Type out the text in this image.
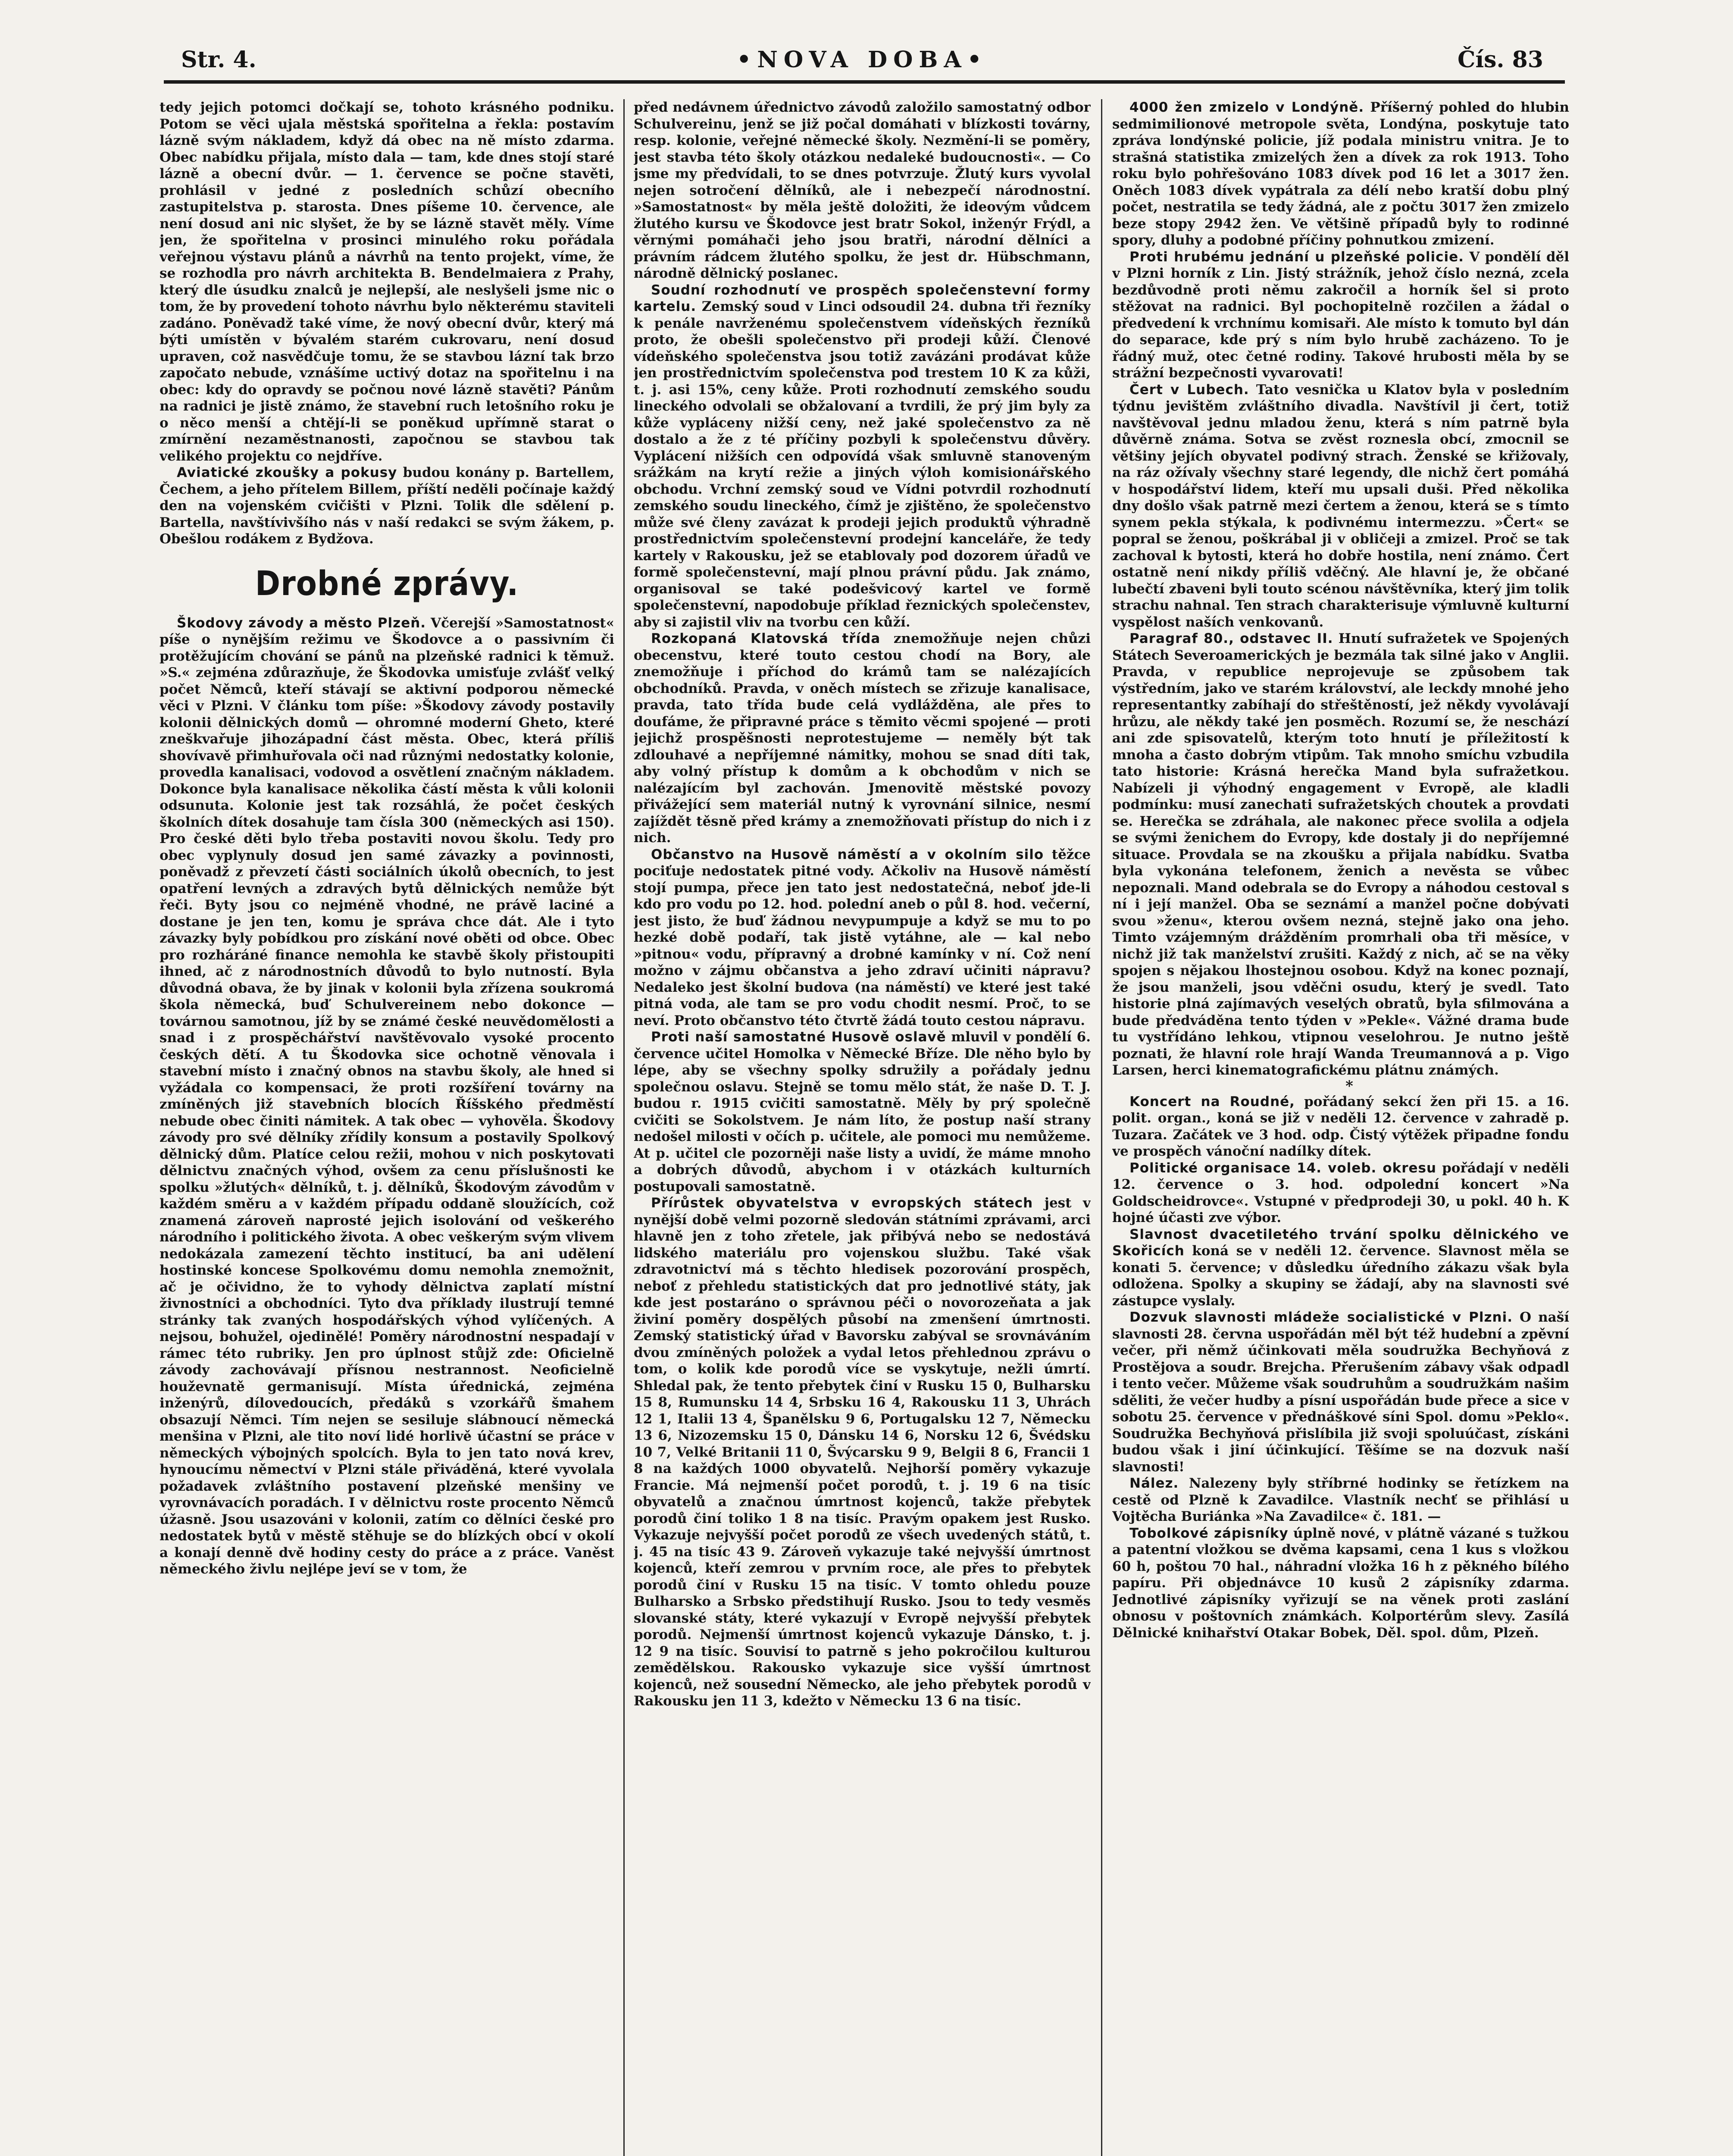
Str. 4.	•NOVA DOBA•	Čís. 83

tedy jejich potomci dočkají se, tohoto krásného podniku. Potom se věci ujala městská spořitelna a řekla: postavím lázně svým nákladem, když dá obec na ně místo zdarma. Obec nabídku přijala, místo dala — tam, kde dnes stojí staré lázně a obecní dvůr. — 1. července se počne stavěti, prohlásil v jedné z posledních schůzí obecního zastupitelstva p. starosta. Dnes píšeme 10. července, ale není dosud ani nic slyšet, že by se lázně stavět měly. Víme jen, že spořitelna v prosinci minulého roku pořádala veřejnou výstavu plánů a návrhů na tento projekt, víme, že se rozhodla pro návrh architekta B. Bendelmaiera z Prahy, který dle úsudku znalců je nejlepší, ale neslyšeli jsme nic o tom, že by provedení tohoto návrhu bylo některému staviteli zadáno. Poněvadž také víme, že nový obecní dvůr, který má býti umístěn v bývalém starém cukrovaru, není dosud upraven, což nasvědčuje tomu, že se stavbou lázní tak brzo započato nebude, vznášíme uctivý dotaz na spořitelnu i na obec: kdy do opravdy se počnou nové lázně stavěti? Pánům na radnici je jistě známo, že stavební ruch letošního roku je o něco menší a chtějí-li se poněkud upřímně starat o zmírnění nezaměstnanosti, započnou se stavbou tak velikého projektu co nejdříve.

Aviatické zkoušky a pokusy budou konány p. Bartellem, Čechem, a jeho přítelem Billem, příští neděli počínaje každý den na vojenském cvičišti v Plzni. Tolik dle sdělení p. Bartella, navštívivšího nás v naší redakci se svým žákem, p. Obešlou rodákem z Bydžova.

Drobné zprávy.

Škodovy závody a město Plzeň. Včerejší »Samostatnost« píše o nynějším režimu ve Škodovce a o passivním či protěžujícím chování se pánů na plzeňské radnici k těmuž. »S.« zejména zdůrazňuje, že Škodovka umisťuje zvlášť velký počet Němců, kteří stávají se aktivní podporou německé věci v Plzni. V článku tom píše: »Škodovy závody postavily kolonii dělnických domů — ohromné moderní Gheto, které zneškvařuje jihozápadní část města. Obec, která příliš shovívavě přimhuřovala oči nad různými nedostatky kolonie, provedla kanalisaci, vodovod a osvětlení značným nákladem. Dokonce byla kanalisace několika částí města k vůli kolonii odsunuta. Kolonie jest tak rozsáhlá, že počet českých školních dítek dosahuje tam čísla 300 (německých asi 150). Pro české děti bylo třeba postaviti novou školu. Tedy pro obec vyplynuly dosud jen samé závazky a povinnosti, poněvadž z převzetí části sociálních úkolů obecních, to jest opatření levných a zdravých bytů dělnických nemůže být řeči. Byty jsou co nejméně vhodné, ne právě laciné a dostane je jen ten, komu je správa chce dát. Ale i tyto závazky byly pobídkou pro získání nové oběti od obce. Obec pro rozháráné finance nemohla ke stavbě školy přistoupiti ihned, ač z národnostních důvodů to bylo nutností. Byla důvodná obava, že by jinak v kolonii byla zřízena soukromá škola německá, buď Schulvereinem nebo dokonce — továrnou samotnou, jíž by se známé české neuvědomělosti a snad i z prospěchářství navštěvovalo vysoké procento českých dětí. A tu Škodovka sice ochotně věnovala i stavební místo i značný obnos na stavbu školy, ale hned si vyžádala co kompensaci, že proti rozšíření továrny na zmíněných již stavebních blocích Říšského předměstí nebude obec činiti námitek. A tak obec — vyhověla. Škodovy závody pro své dělníky zřídily konsum a postavily Spolkový dělnický dům. Platíce celou režii, mohou v nich poskytovati dělnictvu značných výhod, ovšem za cenu příslušnosti ke spolku »žlutých« dělníků, t. j. dělníků, Škodovým závodům v každém směru a v každém případu oddaně sloužících, což znamená zároveň naprosté jejich isolování od veškerého národního i politického života. A obec veškerým svým vlivem nedokázala zamezení těchto institucí, ba ani udělení hostinské koncese Spolkovému domu nemohla znemožnit, ač je očividno, že to vyhody dělnictva zaplatí místní živnostníci a obchodníci. Tyto dva příklady ilustrují temné stránky tak zvaných hospodářských výhod vylíčených. A nejsou, bohužel, ojedinělé! Poměry národnostní nespadají v rámec této rubriky. Jen pro úplnost stůjž zde: Oficielně závody zachovávají přísnou nestrannost. Neoficielně houževnatě germanisují. Místa úřednická, zejména inženýrů, dílovedoucích, předáků s vzorkářů šmahem obsazují Němci. Tím nejen se sesiluje slábnoucí německá menšina v Plzni, ale tito noví lidé horlivě účastní se práce v německých výbojných spolcích. Byla to jen tato nová krev, hynoucímu němectví v Plzni stále přiváděná, které vyvolala požadavek zvláštního postavení plzeňské menšiny ve vyrovnávacích poradách. I v dělnictvu roste procento Němců úžasně. Jsou usazováni v kolonii, zatím co dělníci české pro nedostatek bytů v městě stěhuje se do blízkých obcí v okolí a konají denně dvě hodiny cesty do práce a z práce. Vaněst německého živlu nejlépe jeví se v tom, že

před nedávnem úřednictvo závodů založilo samostatný odbor Schulvereinu, jenž se již počal domáhati v blízkosti továrny, resp. kolonie, veřejné německé školy. Nezmění-li se poměry, jest stavba této školy otázkou nedaleké budoucnosti«. — Co jsme my předvídali, to se dnes potvrzuje. Žlutý kurs vyvolal nejen sotročení dělníků, ale i nebezpečí národnostní. »Samostatnost« by měla ještě doložiti, že ideovým vůdcem žlutého kursu ve Škodovce jest bratr Sokol, inženýr Frýdl, a věrnými pomáhači jeho jsou bratři, národní dělníci a právním rádcem žlutého spolku, že jest dr. Hübschmann, národně dělnický poslanec.

Soudní rozhodnutí ve prospěch společenstevní formy kartelu. Zemský soud v Linci odsoudil 24. dubna tři řezníky k penále navrženému společenstvem vídeňských řezníků proto, že obešli společenstvo při prodeji kůží. Členové vídeňského společenstva jsou totiž zavázáni prodávat kůže jen prostřednictvím společenstva pod trestem 10 K za kůži, t. j. asi 15%, ceny kůže. Proti rozhodnutí zemského soudu lineckého odvolali se obžalovaní a tvrdili, že prý jim byly za kůže vypláceny nižší ceny, než jaké společenstvo za ně dostalo a že z té příčiny pozbyli k společenstvu důvěry. Vyplácení nižších cen odpovídá však smluvně stanoveným srážkám na krytí režie a jiných výloh komisionářského obchodu. Vrchní zemský soud ve Vídni potvrdil rozhodnutí zemského soudu lineckého, čímž je zjištěno, že společenstvo může své členy zavázat k prodeji jejich produktů výhradně prostřednictvím společenstevní prodejní kanceláře, že tedy kartely v Rakousku, jež se etablovaly pod dozorem úřadů ve formě společenstevní, mají plnou právní půdu. Jak známo, organisoval se také podešvicový kartel ve formě společenstevní, napodobuje příklad řeznických společenstev, aby si zajistil vliv na tvorbu cen kůží.

Rozkopaná Klatovská třída znemožňuje nejen chůzi obecenstvu, které touto cestou chodí na Bory, ale znemožňuje i příchod do krámů tam se nalézajících obchodníků. Pravda, v oněch místech se zřizuje kanalisace, pravda, tato třída bude celá vydlážděna, ale přes to doufáme, že připravné práce s těmito věcmi spojené — proti jejichž prospěšnosti neprotestujeme — neměly být tak zdlouhavé a nepříjemné námitky, mohou se snad díti tak, aby volný přístup k domům a k obchodům v nich se nalézajícím byl zachován. Jmenovitě městské povozy přivážející sem materiál nutný k vyrovnání silnice, nesmí zajíždět těsně před krámy a znemožňovati přístup do nich i z nich.

Občanstvo na Husově náměstí a v okolním silo těžce pociťuje nedostatek pitné vody. Ačkoliv na Husově náměstí stojí pumpa, přece jen tato jest nedostatečná, neboť jde-li kdo pro vodu po 12. hod. polední aneb o půl 8. hod. večerní, jest jisto, že buď žádnou nevypumpuje a když se mu to po hezké době podaří, tak jistě vytáhne, ale — kal nebo »pitnou« vodu, přípravný a drobné kamínky v ní. Což není možno v zájmu občanstva a jeho zdraví učiniti nápravu? Nedaleko jest školní budova (na náměstí) ve které jest také pitná voda, ale tam se pro vodu chodit nesmí. Proč, to se neví. Proto občanstvo této čtvrtě žádá touto cestou nápravu.

Proti naší samostatné Husově oslavě mluvil v pondělí 6. července učitel Homolka v Německé Bříze. Dle něho bylo by lépe, aby se všechny spolky sdružily a pořádaly jednu společnou oslavu. Stejně se tomu mělo stát, že naše D. T. J. budou r. 1915 cvičiti samostatně. Měly by prý společně cvičiti se Sokolstvem. Je nám líto, že postup naší strany nedošel milosti v očích p. učitele, ale pomoci mu nemůžeme. At p. učitel cle pozorněji naše listy a uvidí, že máme mnoho a dobrých důvodů, abychom i v otázkách kulturních postupovali samostatně.

Přírůstek obyvatelstva v evropských státech jest v nynější době velmi pozorně sledován státními zprávami, arci hlavně jen z toho zřetele, jak přibývá nebo se nedostává lidského materiálu pro vojenskou službu. Také však zdravotnictví má s těchto hledisek pozorování prospěch, neboť z přehledu statistických dat pro jednotlivé státy, jak kde jest postaráno o správnou péči o novorozeňata a jak živiní poměry dospělých působí na zmenšení úmrtnosti. Zemský statistický úřad v Bavorsku zabýval se srovnáváním dvou zmíněných položek a vydal letos přehlednou zprávu o tom, o kolik kde porodů více se vyskytuje, nežli úmrtí. Shledal pak, že tento přebytek činí v Rusku 15 0, Bulharsku 15 8, Rumunsku 14 4, Srbsku 16 4, Rakousku 11 3, Uhrách 12 1, Italii 13 4, Španělsku 9 6, Portugalsku 12 7, Německu 13 6, Nizozemsku 15 0, Dánsku 14 6, Norsku 12 6, Švédsku 10 7, Velké Britanii 11 0, Švýcarsku 9 9, Belgii 8 6, Francii 1 8 na každých 1000 obyvatelů. Nejhorší poměry vykazuje Francie. Má nejmenší počet porodů, t. j. 19 6 na tisíc obyvatelů a značnou úmrtnost kojenců, takže přebytek porodů činí toliko 1 8 na tisíc. Pravým opakem jest Rusko. Vykazuje nejvyšší počet porodů ze všech uvedených států, t. j. 45 na tisíc 43 9. Zároveň vykazuje také nejvyšší úmrtnost kojenců, kteří zemrou v prvním roce, ale přes to přebytek porodů činí v Rusku 15 na tisíc. V tomto ohledu pouze Bulharsko a Srbsko předstihují Rusko. Jsou to tedy vesměs slovanské státy, které vykazují v Evropě nejvyšší přebytek porodů. Nejmenší úmrtnost kojenců vykazuje Dánsko, t. j. 12 9 na tisíc. Souvisí to patrně s jeho pokročilou kulturou zemědělskou. Rakousko vykazuje sice vyšší úmrtnost kojenců, než sousední Německo, ale jeho přebytek porodů v Rakousku jen 11 3, kdežto v Německu 13 6 na tisíc.

4000 žen zmizelo v Londýně. Příšerný pohled do hlubin sedmimilionové metropole světa, Londýna, poskytuje tato zpráva londýnské policie, jíž podala ministru vnitra. Je to strašná statistika zmizelých žen a dívek za rok 1913. Toho roku bylo pohřešováno 1083 dívek pod 16 let a 3017 žen. Oněch 1083 dívek vypátrala za délí nebo kratší dobu plný počet, nestratila se tedy žádná, ale z počtu 3017 žen zmizelo beze stopy 2942 žen. Ve většině případů byly to rodinné spory, dluhy a podobné příčiny pohnutkou zmizení.

Proti hrubému jednání u plzeňské policie. V pondělí děl v Plzni horník z Lin. Jistý strážník, jehož číslo nezná, zcela bezdůvodně proti němu zakročil a horník šel si proto stěžovat na radnici. Byl pochopitelně rozčilen a žádal o předvedení k vrchnímu komisaři. Ale místo k tomuto byl dán do separace, kde prý s ním bylo hrubě zacházeno. To je řádný muž, otec četné rodiny. Takové hrubosti měla by se strážní bezpečnosti vyvarovati!

Čert v Lubech. Tato vesnička u Klatov byla v posledním týdnu jevištěm zvláštního divadla. Navštívil ji čert, totiž navštěvoval jednu mladou ženu, která s ním patrně byla důvěrně známa. Sotva se zvěst roznesla obcí, zmocnil se většiny jejích obyvatel podivný strach. Ženské se křižovaly, na ráz ožívaly všechny staré legendy, dle nichž čert pomáhá v hospodářství lidem, kteří mu upsali duši. Před několika dny došlo však patrně mezi čertem a ženou, která se s tímto synem pekla stýkala, k podivnému intermezzu. »Čert« se popral se ženou, poškrábal ji v obličeji a zmizel. Proč se tak zachoval k bytosti, která ho dobře hostila, není známo. Čert ostatně není nikdy příliš vděčný. Ale hlavní je, že občané lubečtí zbaveni byli touto scénou návštěvníka, který jim tolik strachu nahnal. Ten strach charakterisuje výmluvně kulturní vyspělost naších venkovanů.

Paragraf 80., odstavec II. Hnutí sufražetek ve Spojených Státech Severoamerických je bezmála tak silné jako v Anglii. Pravda, v republice neprojevuje se způsobem tak výstředním, jako ve starém království, ale leckdy mnohé jeho representantky zabíhají do střeštěností, jež někdy vyvolávají hrůzu, ale někdy také jen posměch. Rozumí se, že neschází ani zde spisovatelů, kterým toto hnutí je příležitostí k mnoha a často dobrým vtipům. Tak mnoho smíchu vzbudila tato historie: Krásná herečka Mand byla sufražetkou. Nabízeli ji výhodný engagement v Evropě, ale kladli podmínku: musí zanechati sufražetských choutek a provdati se. Herečka se zdráhala, ale nakonec přece svolila a odjela se svými ženichem do Evropy, kde dostaly ji do nepříjemné situace. Provdala se na zkoušku a přijala nabídku. Svatba byla vykonána telefonem, ženich a nevěsta se vůbec nepoznali. Mand odebrala se do Evropy a náhodou cestoval s ní i její manžel. Oba se seznámí a manžel počne dobývati svou »ženu«, kterou ovšem nezná, stejně jako ona jeho. Timto vzájemným drážděním promrhali oba tři měsíce, v nichž již tak manželství zrušiti. Každý z nich, ač se na věky spojen s nějakou lhostejnou osobou. Když na konec poznají, že jsou manželi, jsou vděčni osudu, který je svedl. Tato historie plná zajímavých veselých obratů, byla sfilmována a bude předváděna tento týden v »Pekle«. Vážné drama bude tu vystřídáno lehkou, vtipnou veselohrou. Je nutno ještě poznati, že hlavní role hrají Wanda Treumannová a p. Vigo Larsen, herci kinematografickému plátnu známých.

*

Koncert na Roudné, pořádaný sekcí žen při 15. a 16. polit. organ., koná se již v neděli 12. července v zahradě p. Tuzara. Začátek ve 3 hod. odp. Čistý výtěžek připadne fondu ve prospěch vánoční nadílky dítek.

Politické organisace 14. voleb. okresu pořádají v neděli 12. července o 3. hod. odpolední koncert »Na Goldscheidrovce«. Vstupné v předprodeji 30, u pokl. 40 h. K hojné účasti zve výbor.

Slavnost dvacetiletého trvání spolku dělnického ve Skořicích koná se v neděli 12. července. Slavnost měla se konati 5. července; v důsledku úředního zákazu však byla odložena. Spolky a skupiny se žádají, aby na slavnosti své zástupce vyslaly.

Dozvuk slavnosti mládeže socialistické v Plzni. O naší slavnosti 28. června uspořádán měl být též hudební a zpěvní večer, při němž účinkovati měla soudružka Bechyňová z Prostějova a soudr. Brejcha. Přerušením zábavy však odpadl i tento večer. Můžeme však soudruhům a soudružkám našim sděliti, že večer hudby a písní uspořádán bude přece a sice v sobotu 25. července v přednáškové síni Spol. domu »Peklo«. Soudružka Bechyňová přislíbila již svoji spoluúčast, získáni budou však i jiní účinkující. Těšíme se na dozvuk naší slavnosti!

Nález. Nalezeny byly stříbrné hodinky se řetízkem na cestě od Plzně k Zavadilce. Vlastník nechť se přihlásí u Vojtěcha Buriánka »Na Zavadilce« č. 181. —

Tobolkové zápisníky úplně nové, v plátně vázané s tužkou a patentní vložkou se dvěma kapsami, cena 1 kus s vložkou 60 h, poštou 70 hal., náhradní vložka 16 h z pěkného bílého papíru. Při objednávce 10 kusů 2 zápisníky zdarma. Jednotlivé zápisníky vyřizují se na věnek proti zaslání obnosu v poštovních známkách. Kolportérům slevy. Zasílá Dělnické knihařství Otakar Bobek, Děl. spol. dům, Plzeň.
